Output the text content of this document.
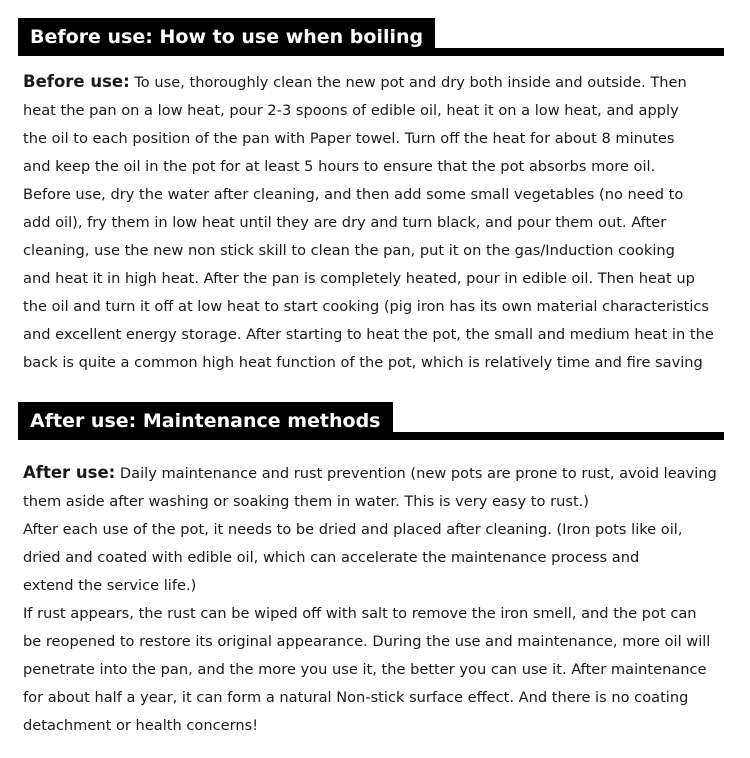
Before use: How to use when boiling

Before use: To use, thoroughly clean the new pot and dry both inside and outside. Then
heat the pan on a low heat, pour 2-3 spoons of edible oil, heat it on a low heat, and apply
the oil to each position of the pan with Paper towel. Turn off the heat for about 8 minutes
and keep the oil in the pot for at least 5 hours to ensure that the pot absorbs more oil.
Before use, dry the water after cleaning, and then add some small vegetables (no need to
add oil), fry them in low heat until they are dry and turn black, and pour them out. After
cleaning, use the new non stick skill to clean the pan, put it on the gas/Induction cooking
and heat it in high heat. After the pan is completely heated, pour in edible oil. Then heat up
the oil and turn it off at low heat to start cooking (pig iron has its own material characteristics
and excellent energy storage. After starting to heat the pot, the small and medium heat in the
back is quite a common high heat function of the pot, which is relatively time and fire saving

After use: Maintenance methods

After use: Daily maintenance and rust prevention (new pots are prone to rust, avoid leaving
them aside after washing or soaking them in water. This is very easy to rust.)
After each use of the pot, it needs to be dried and placed after cleaning. (Iron pots like oil,
dried and coated with edible oil, which can accelerate the maintenance process and
extend the service life.)
If rust appears, the rust can be wiped off with salt to remove the iron smell, and the pot can
be reopened to restore its original appearance. During the use and maintenance, more oil will
penetrate into the pan, and the more you use it, the better you can use it. After maintenance
for about half a year, it can form a natural Non-stick surface effect. And there is no coating
detachment or health concerns!
